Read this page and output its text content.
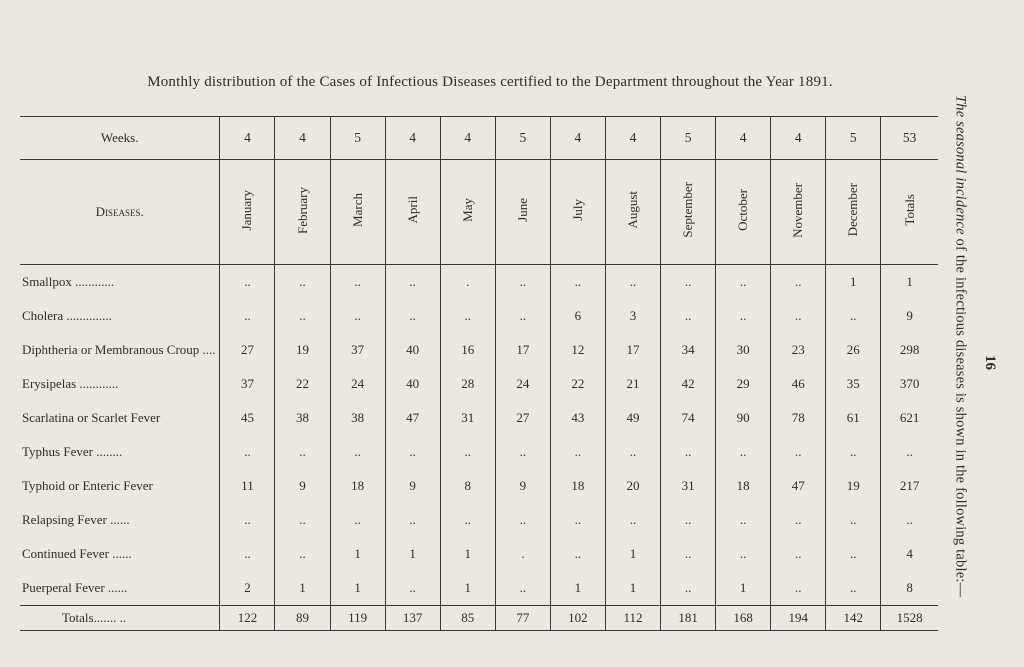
Monthly distribution of the Cases of Infectious Diseases certified to the Department throughout the Year 1891.
Weeks.	4	4	5	4	4	5	4	4	5	4	4	5	53
Diseases.	January	February	March	April	May	June	July	August	September	October	November	December	Totals
Smallpox ............	..	..	..	..	.	..	..	..	..	..	..	1	1
Cholera ..............	..	..	..	..	..	..	6	3	..	..	..	..	9
Diphtheria or Membranous Croup ....	27	19	37	40	16	17	12	17	34	30	23	26	298
Erysipelas ............	37	22	24	40	28	24	22	21	42	29	46	35	370
Scarlatina or Scarlet Fever	45	38	38	47	31	27	43	49	74	90	78	61	621
Typhus Fever ........	..	..	..	..	..	..	..	..	..	..	..	..	..
Typhoid or Enteric Fever	11	9	18	9	8	9	18	20	31	18	47	19	217
Relapsing Fever ......	..	..	..	..	..	..	..	..	..	..	..	..	..
Continued Fever ......	..	..	1	1	1	.	..	1	..	..	..	..	4
Puerperal Fever ......	2	1	1	..	1	..	1	1	..	1	..	..	8
Totals....... ..	122	89	119	137	85	77	102	112	181	168	194	142	1528
The seasonal incidence of the infectious diseases is shown in the following table:— 16
